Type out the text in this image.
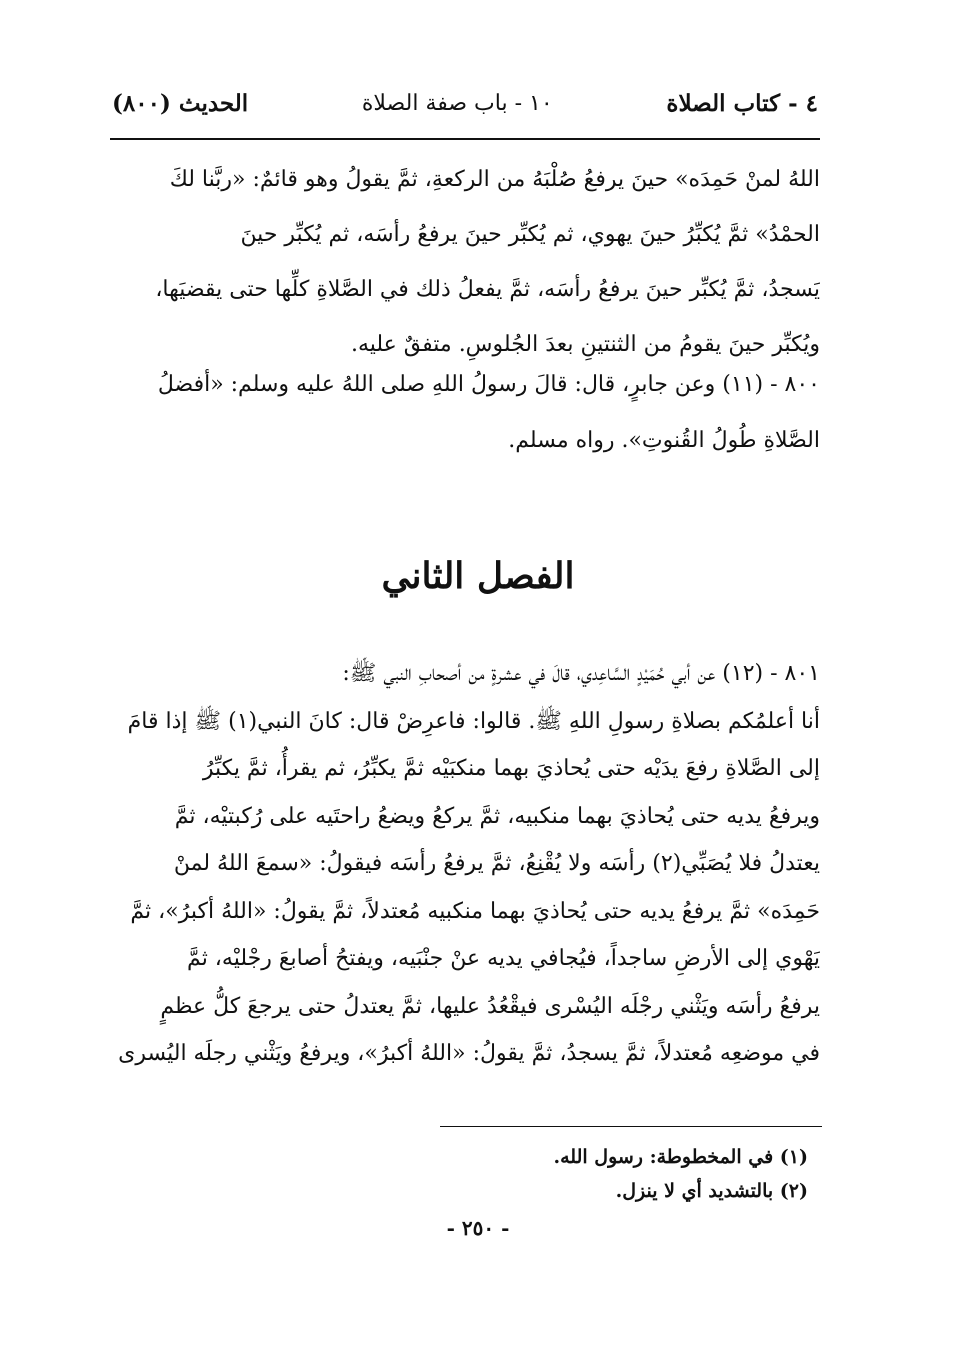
٤ - كتاب الصلاة
١٠ - باب صفة الصلاة
الحديث (٨٠٠)
اللهُ لمنْ حَمِدَه» حينَ يرفعُ صُلْبَهُ من الركعةِ، ثمَّ يقولُ وهو قائمٌ: «ربَّنا لكَ
الحمْدُ» ثمَّ يُكبِّرُ حينَ يهوي، ثم يُكبِّر حينَ يرفعُ رأسَه، ثم يُكبِّر حينَ
يَسجدُ، ثمَّ يُكبِّر حينَ يرفعُ رأسَه، ثمَّ يفعلُ ذلك في الصَّلاةِ كلِّها حتى يقضيَها،
ويُكبِّر حينَ يقومُ من الثنتينِ بعدَ الجُلوسِ. متفقٌ عليه.
٨٠٠ - (١١) وعن جابرٍ، قال: قالَ رسولُ اللهِ صلى اللهُ عليه وسلم: «أفضلُ
الصَّلاةِ طُولُ القُنوتِ». رواه مسلم.
الفصل الثاني
٨٠١ - (١٢) عن أبي حُمَيْدٍ السَّاعِدي، قالَ في عشرةٍ من أصحابِ النبي ﷺ:
أنا أعلمُكم بصلاةِ رسولِ اللهِ ﷺ. قالوا: فاعرِضْ قال: كانَ النبي(١) ﷺ إذا قامَ
إلى الصَّلاةِ رفعَ يدَيْه حتى يُحاذيَ بهما منكبَيْه ثمَّ يكبِّرُ، ثم يقرأُ، ثمَّ يكبِّرُ
ويرفعُ يديه حتى يُحاذيَ بهما منكبيه، ثمَّ يركعُ ويضعُ راحتَيه على رُكبتيْه، ثمَّ
يعتدلُ فلا يُصَبِّي(٢) رأسَه ولا يُقْنِعُ، ثمَّ يرفعُ رأسَه فيقولُ: «سمعَ اللهُ لمنْ
حَمِدَه» ثمَّ يرفعُ يديه حتى يُحاذيَ بهما منكبيه مُعتدلاً، ثمَّ يقولُ: «اللهُ أكبرُ»، ثمَّ
يَهْوي إلى الأرضِ ساجداً، فيُجافي يديه عنْ جنْبَيه، ويفتحُ أصابعَ رجْليْه، ثمَّ
يرفعُ رأسَه ويَثْني رجْلَه اليُسْرى فيقْعُدُ عليها، ثمَّ يعتدلُ حتى يرجعَ كلُّ عظمٍ
في موضعِه مُعتدلاً، ثمَّ يسجدُ، ثمَّ يقولُ: «اللهُ أكبرُ»، ويرفعُ ويَثْني رجلَه اليُسرى
(١) في المخطوطة: رسول الله.
(٢) بالتشديد أي لا ينزل.
- ٢٥٠ -
